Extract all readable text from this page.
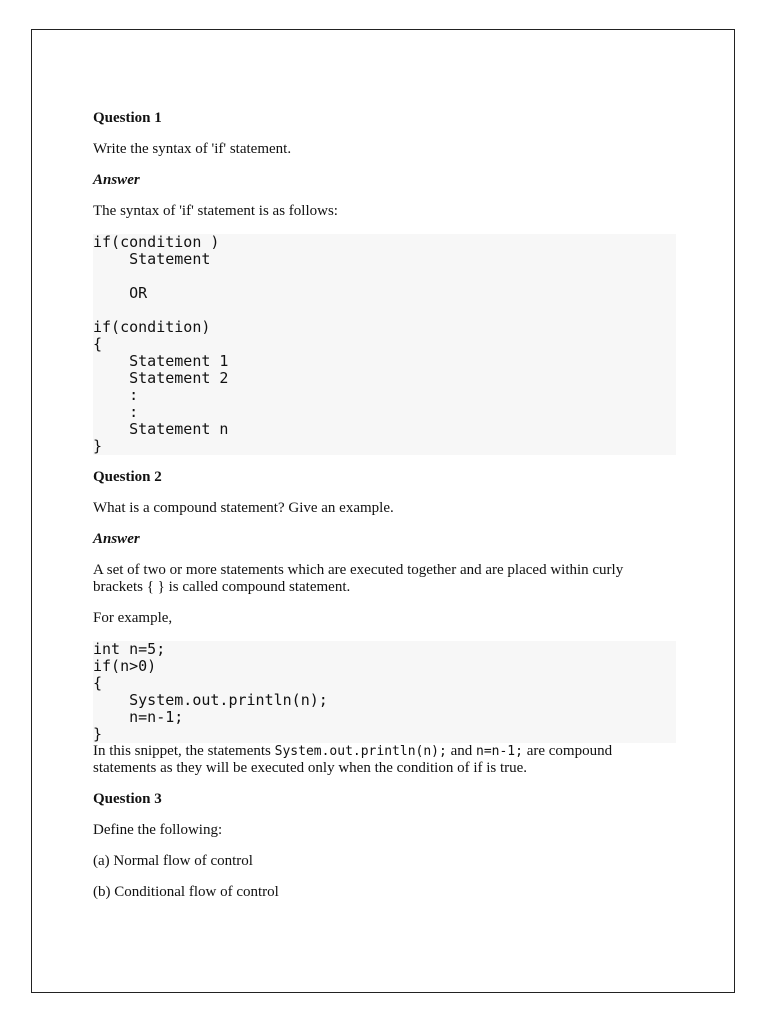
Question 1
Write the syntax of 'if' statement.
Answer
The syntax of 'if' statement is as follows:
if(condition )
Statement

OR

if(condition)
{
Statement 1
Statement 2
:
:
Statement n
}
Question 2
What is a compound statement? Give an example.
Answer
A set of two or more statements which are executed together and are placed within curly brackets { } is called compound statement.
For example,
int n=5;
if(n>0)
{
System.out.println(n);
n=n-1;
}
In this snippet, the statements System.out.println(n); and n=n-1; are compound statements as they will be executed only when the condition of if is true.
Question 3
Define the following:
(a) Normal flow of control
(b) Conditional flow of control
